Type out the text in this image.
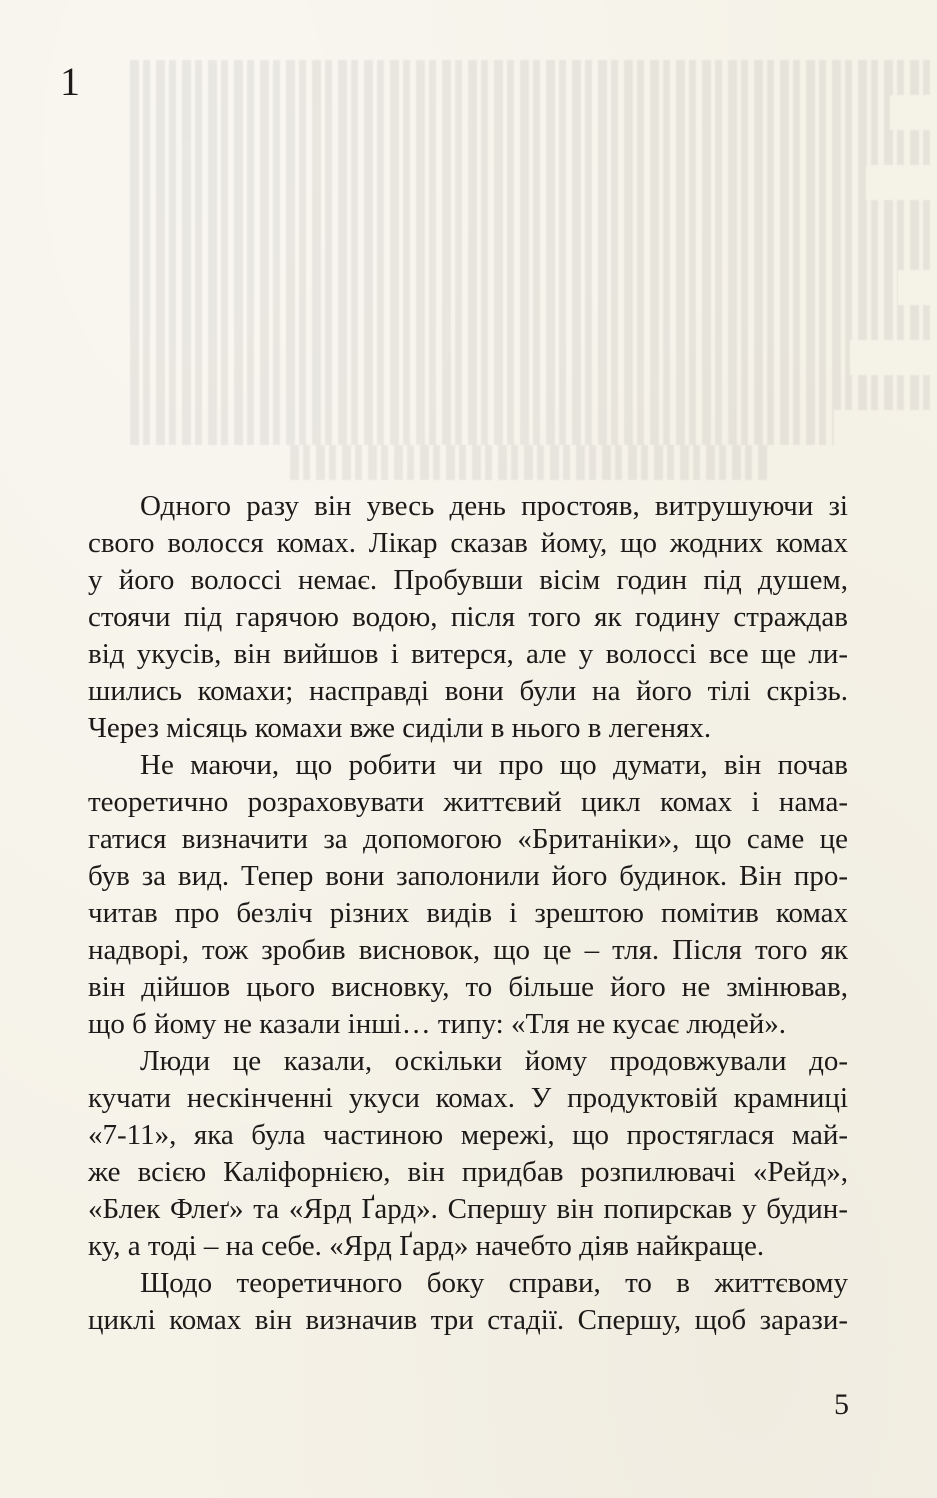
1

Одного разу він увесь день простояв, витрушуючи зі
свого волосся комах. Лікар сказав йому, що жодних комах
у його волоссі немає. Пробувши вісім годин під душем,
стоячи під гарячою водою, після того як годину страждав
від укусів, він вийшов і витерся, але у волоссі все ще ли-
шились комахи; насправді вони були на його тілі скрізь.
Через місяць комахи вже сиділи в нього в легенях.

Не маючи, що робити чи про що думати, він почав
теоретично розраховувати життєвий цикл комах і нама-
гатися визначити за допомогою «Британіки», що саме це
був за вид. Тепер вони заполонили його будинок. Він про-
читав про безліч різних видів і зрештою помітив комах
надворі, тож зробив висновок, що це – тля. Після того як
він дійшов цього висновку, то більше його не змінював,
що б йому не казали інші… типу: «Тля не кусає людей».

Люди це казали, оскільки йому продовжували до-
кучати нескінченні укуси комах. У продуктовій крамниці
«7-11», яка була частиною мережі, що простяглася май-
же всією Каліфорнією, він придбав розпилювачі «Рейд»,
«Блек Флеґ» та «Ярд Ґард». Спершу він попирскав у будин-
ку, а тоді – на себе. «Ярд Ґард» начебто діяв найкраще.

Щодо теоретичного боку справи, то в життєвому
циклі комах він визначив три стадії. Спершу, щоб зарази-

5
